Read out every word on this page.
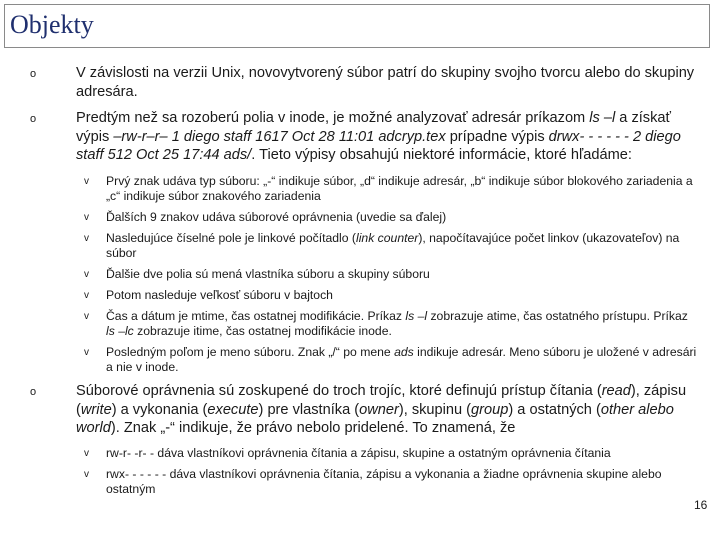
Objekty
o	V závislosti na verzii Unix, novovytvorený súbor patrí do skupiny svojho tvorcu alebo do skupiny adresára.
o	Predtým než sa rozoberú polia v inode, je možné analyzovať adresár príkazom ls –l a získať výpis –rw-r–r– 1 diego staff 1617 Oct 28 11:01 adcryp.tex prípadne výpis drwx- - - - - - 2 diego staff 512 Oct 25 17:44 ads/. Tieto výpisy obsahujú niektoré informácie, ktoré hľadáme:
v Prvý znak udáva typ súboru: „-“ indikuje súbor, „d“ indikuje adresár, „b“ indikuje súbor blokového zariadenia a „c“ indikuje súbor znakového zariadenia
v Ďalších 9 znakov udáva súborové oprávnenia (uvedie sa ďalej)
v Nasledujúce číselné pole je linkové počítadlo (link counter), napočítavajúce počet linkov (ukazovateľov) na súbor
v Ďalšie dve polia sú mená vlastníka súboru a skupiny súboru
v Potom nasleduje veľkosť súboru v bajtoch
v Čas a dátum je mtime, čas ostatnej modifikácie. Príkaz ls –l zobrazuje atime, čas ostatného prístupu. Príkaz ls –lc zobrazuje itime, čas ostatnej modifikácie inode.
v Posledným poľom je meno súboru. Znak „/“ po mene ads indikuje adresár. Meno súboru je uložené v adresári a nie v inode.
o	Súborové oprávnenia sú zoskupené do troch trojíc, ktoré definujú prístup čítania (read), zápisu (write) a vykonania (execute) pre vlastníka (owner), skupinu (group) a ostatných (other alebo world). Znak „-“ indikuje, že právo nebolo pridelené. To znamená, že
v rw-r- -r- - dáva vlastníkovi oprávnenia čítania a zápisu, skupine a ostatným oprávnenia čítania
v rwx- - - - - - dáva vlastníkovi oprávnenia čítania, zápisu a vykonania a žiadne oprávnenia skupine alebo ostatným
16
